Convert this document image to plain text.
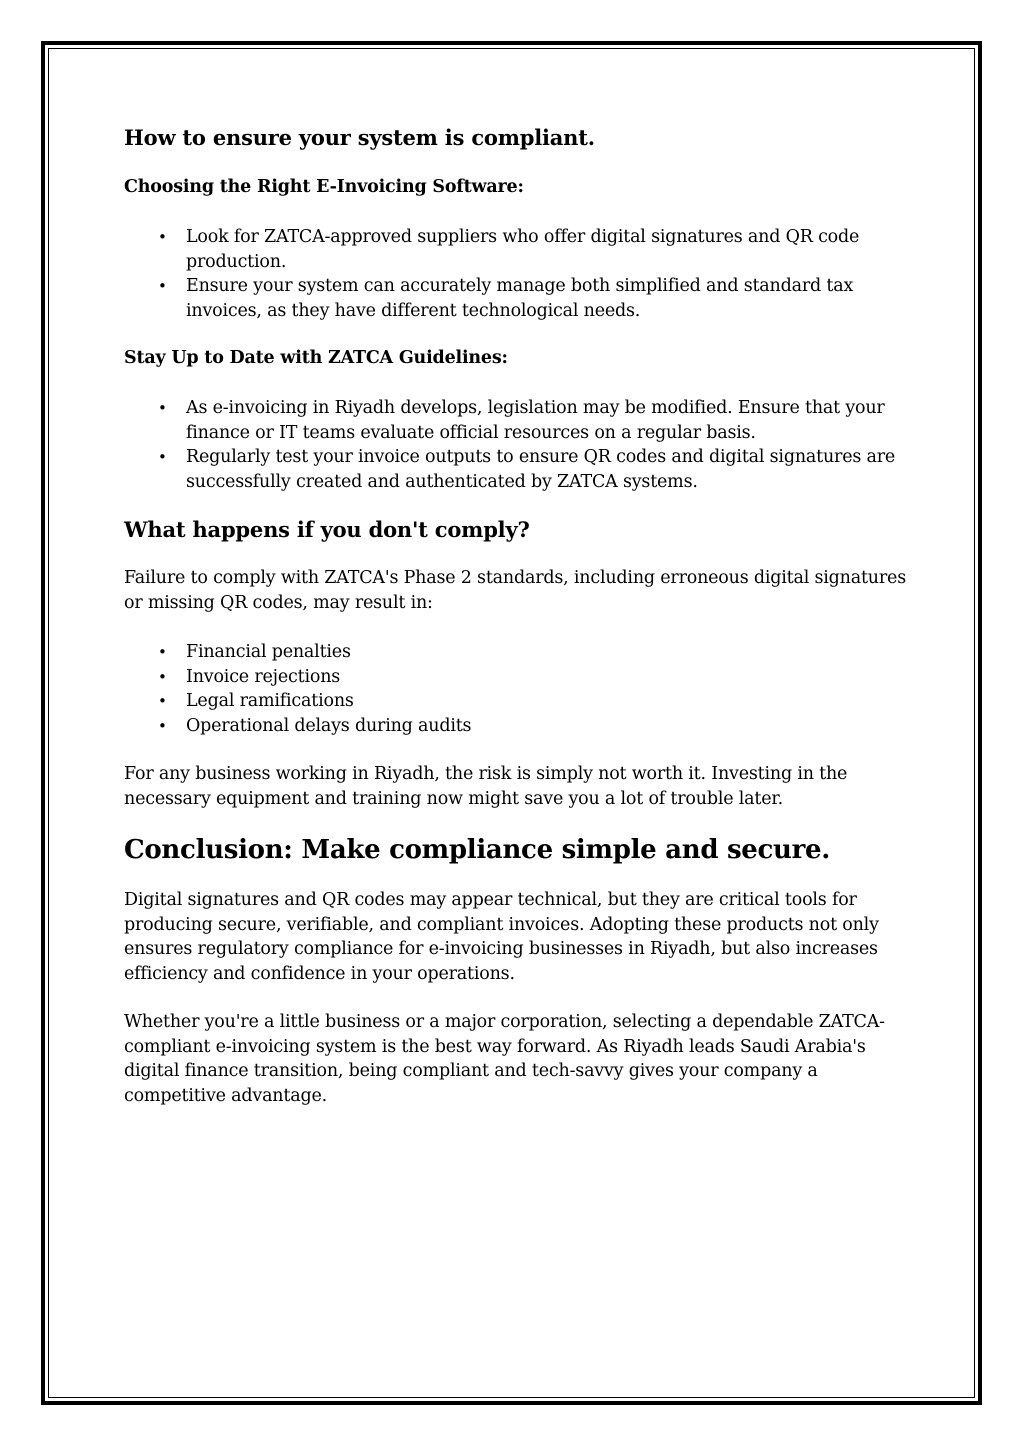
How to ensure your system is compliant.
Choosing the Right E-Invoicing Software:
• Look for ZATCA-approved suppliers who offer digital signatures and QR code production.
• Ensure your system can accurately manage both simplified and standard tax invoices, as they have different technological needs.
Stay Up to Date with ZATCA Guidelines:
• As e-invoicing in Riyadh develops, legislation may be modified. Ensure that your finance or IT teams evaluate official resources on a regular basis.
• Regularly test your invoice outputs to ensure QR codes and digital signatures are successfully created and authenticated by ZATCA systems.
What happens if you don't comply?

Failure to comply with ZATCA's Phase 2 standards, including erroneous digital signatures or missing QR codes, may result in:

• Financial penalties
• Invoice rejections
• Legal ramifications
• Operational delays during audits

For any business working in Riyadh, the risk is simply not worth it. Investing in the necessary equipment and training now might save you a lot of trouble later.

Conclusion: Make compliance simple and secure.

Digital signatures and QR codes may appear technical, but they are critical tools for producing secure, verifiable, and compliant invoices. Adopting these products not only ensures regulatory compliance for e-invoicing businesses in Riyadh, but also increases efficiency and confidence in your operations.

Whether you're a little business or a major corporation, selecting a dependable ZATCA-compliant e-invoicing system is the best way forward. As Riyadh leads Saudi Arabia's digital finance transition, being compliant and tech-savvy gives your company a competitive advantage.
